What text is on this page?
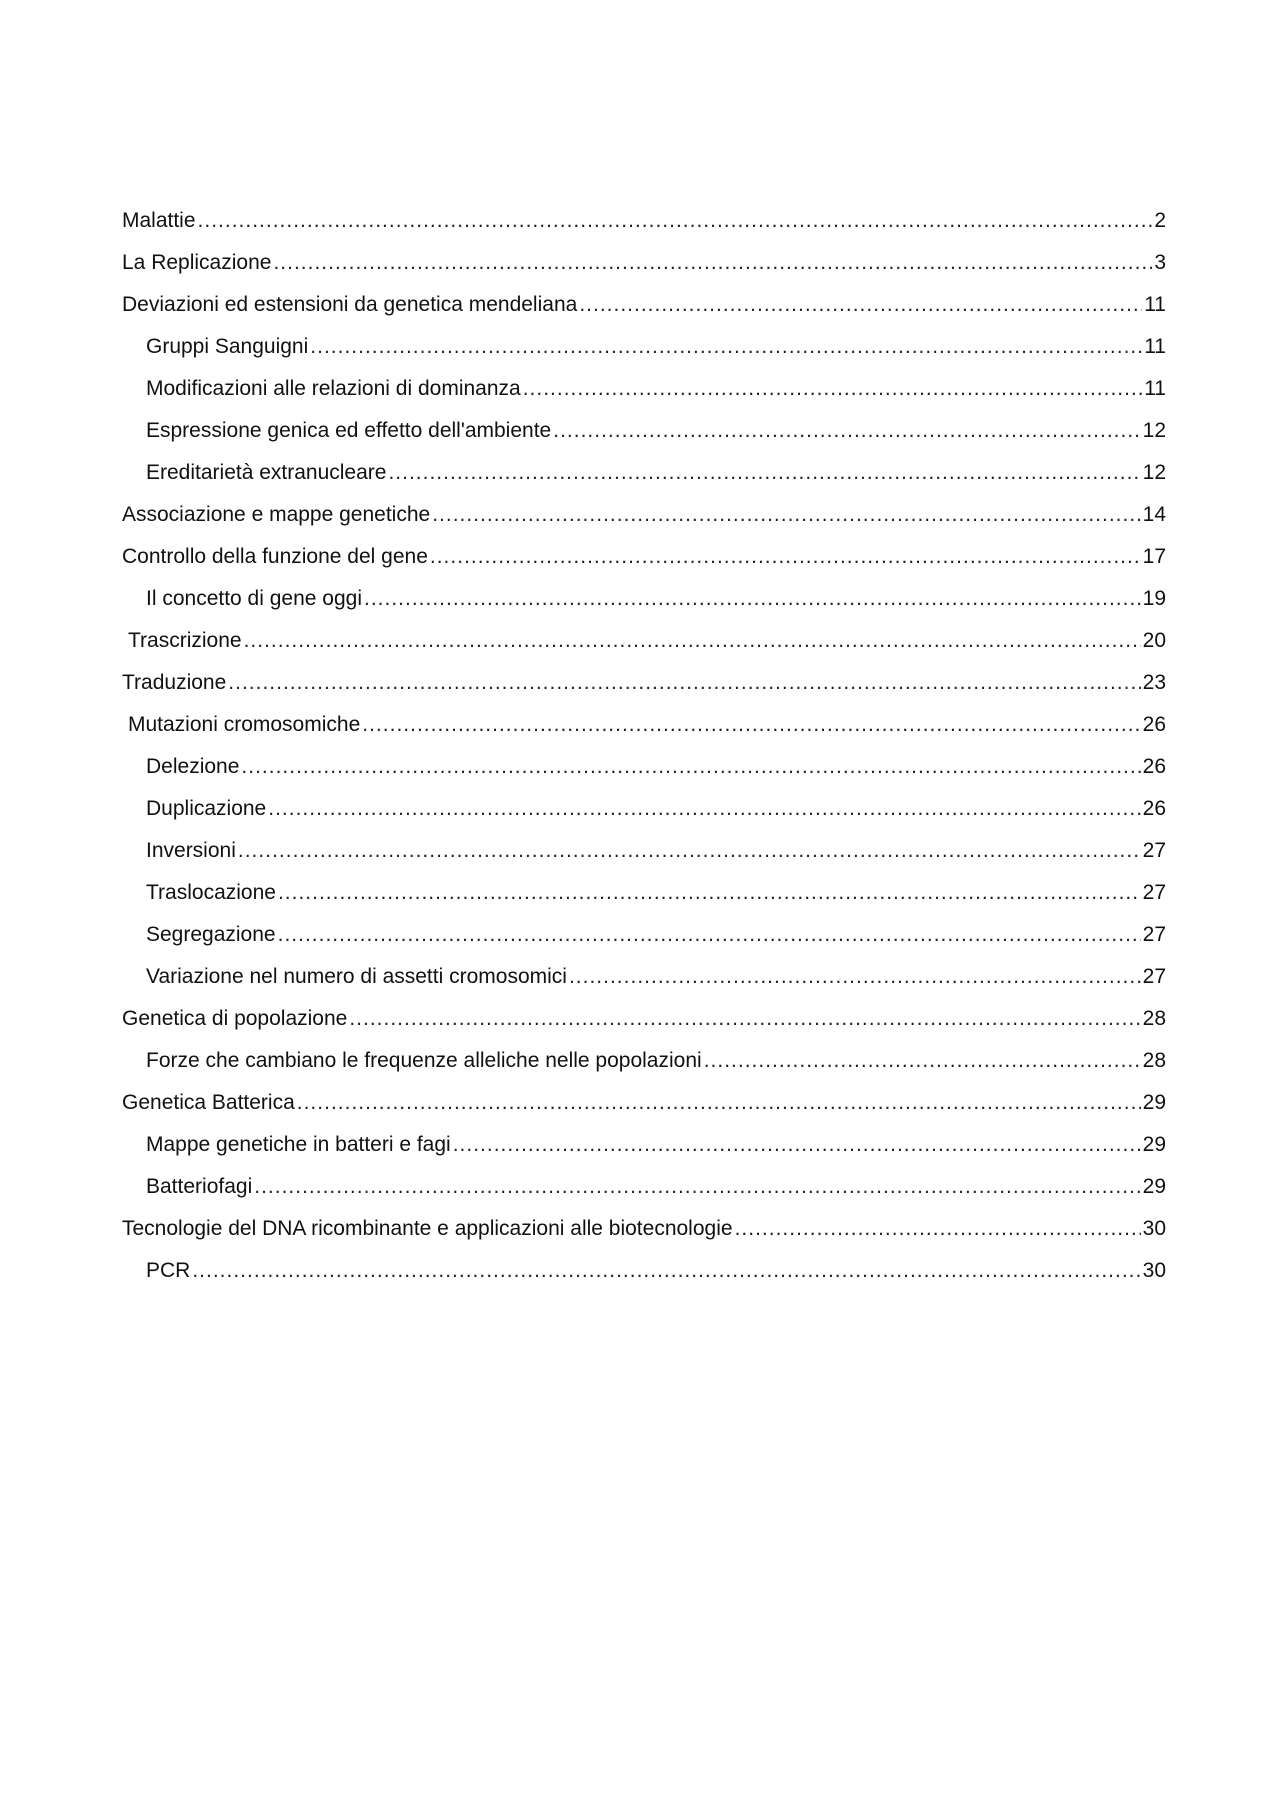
Malattie .....	2
La Replicazione .....	3
Deviazioni ed estensioni da genetica mendeliana .....	11
Gruppi Sanguigni .....	11
Modificazioni alle relazioni di dominanza .....	11
Espressione genica ed effetto dell'ambiente .....	12
Ereditarietà extranucleare .....	12
Associazione e mappe genetiche .....	14
Controllo della funzione del gene .....	17
Il concetto di gene oggi .....	19
Trascrizione .....	20
Traduzione .....	23
Mutazioni cromosomiche .....	26
Delezione .....	26
Duplicazione .....	26
Inversioni .....	27
Traslocazione .....	27
Segregazione .....	27
Variazione nel numero di assetti cromosomici .....	27
Genetica di popolazione .....	28
Forze che cambiano le frequenze alleliche nelle popolazioni .....	28
Genetica Batterica .....	29
Mappe genetiche in batteri e fagi .....	29
Batteriofagi .....	29
Tecnologie del DNA ricombinante e applicazioni alle biotecnologie .....	30
PCR .....	30
